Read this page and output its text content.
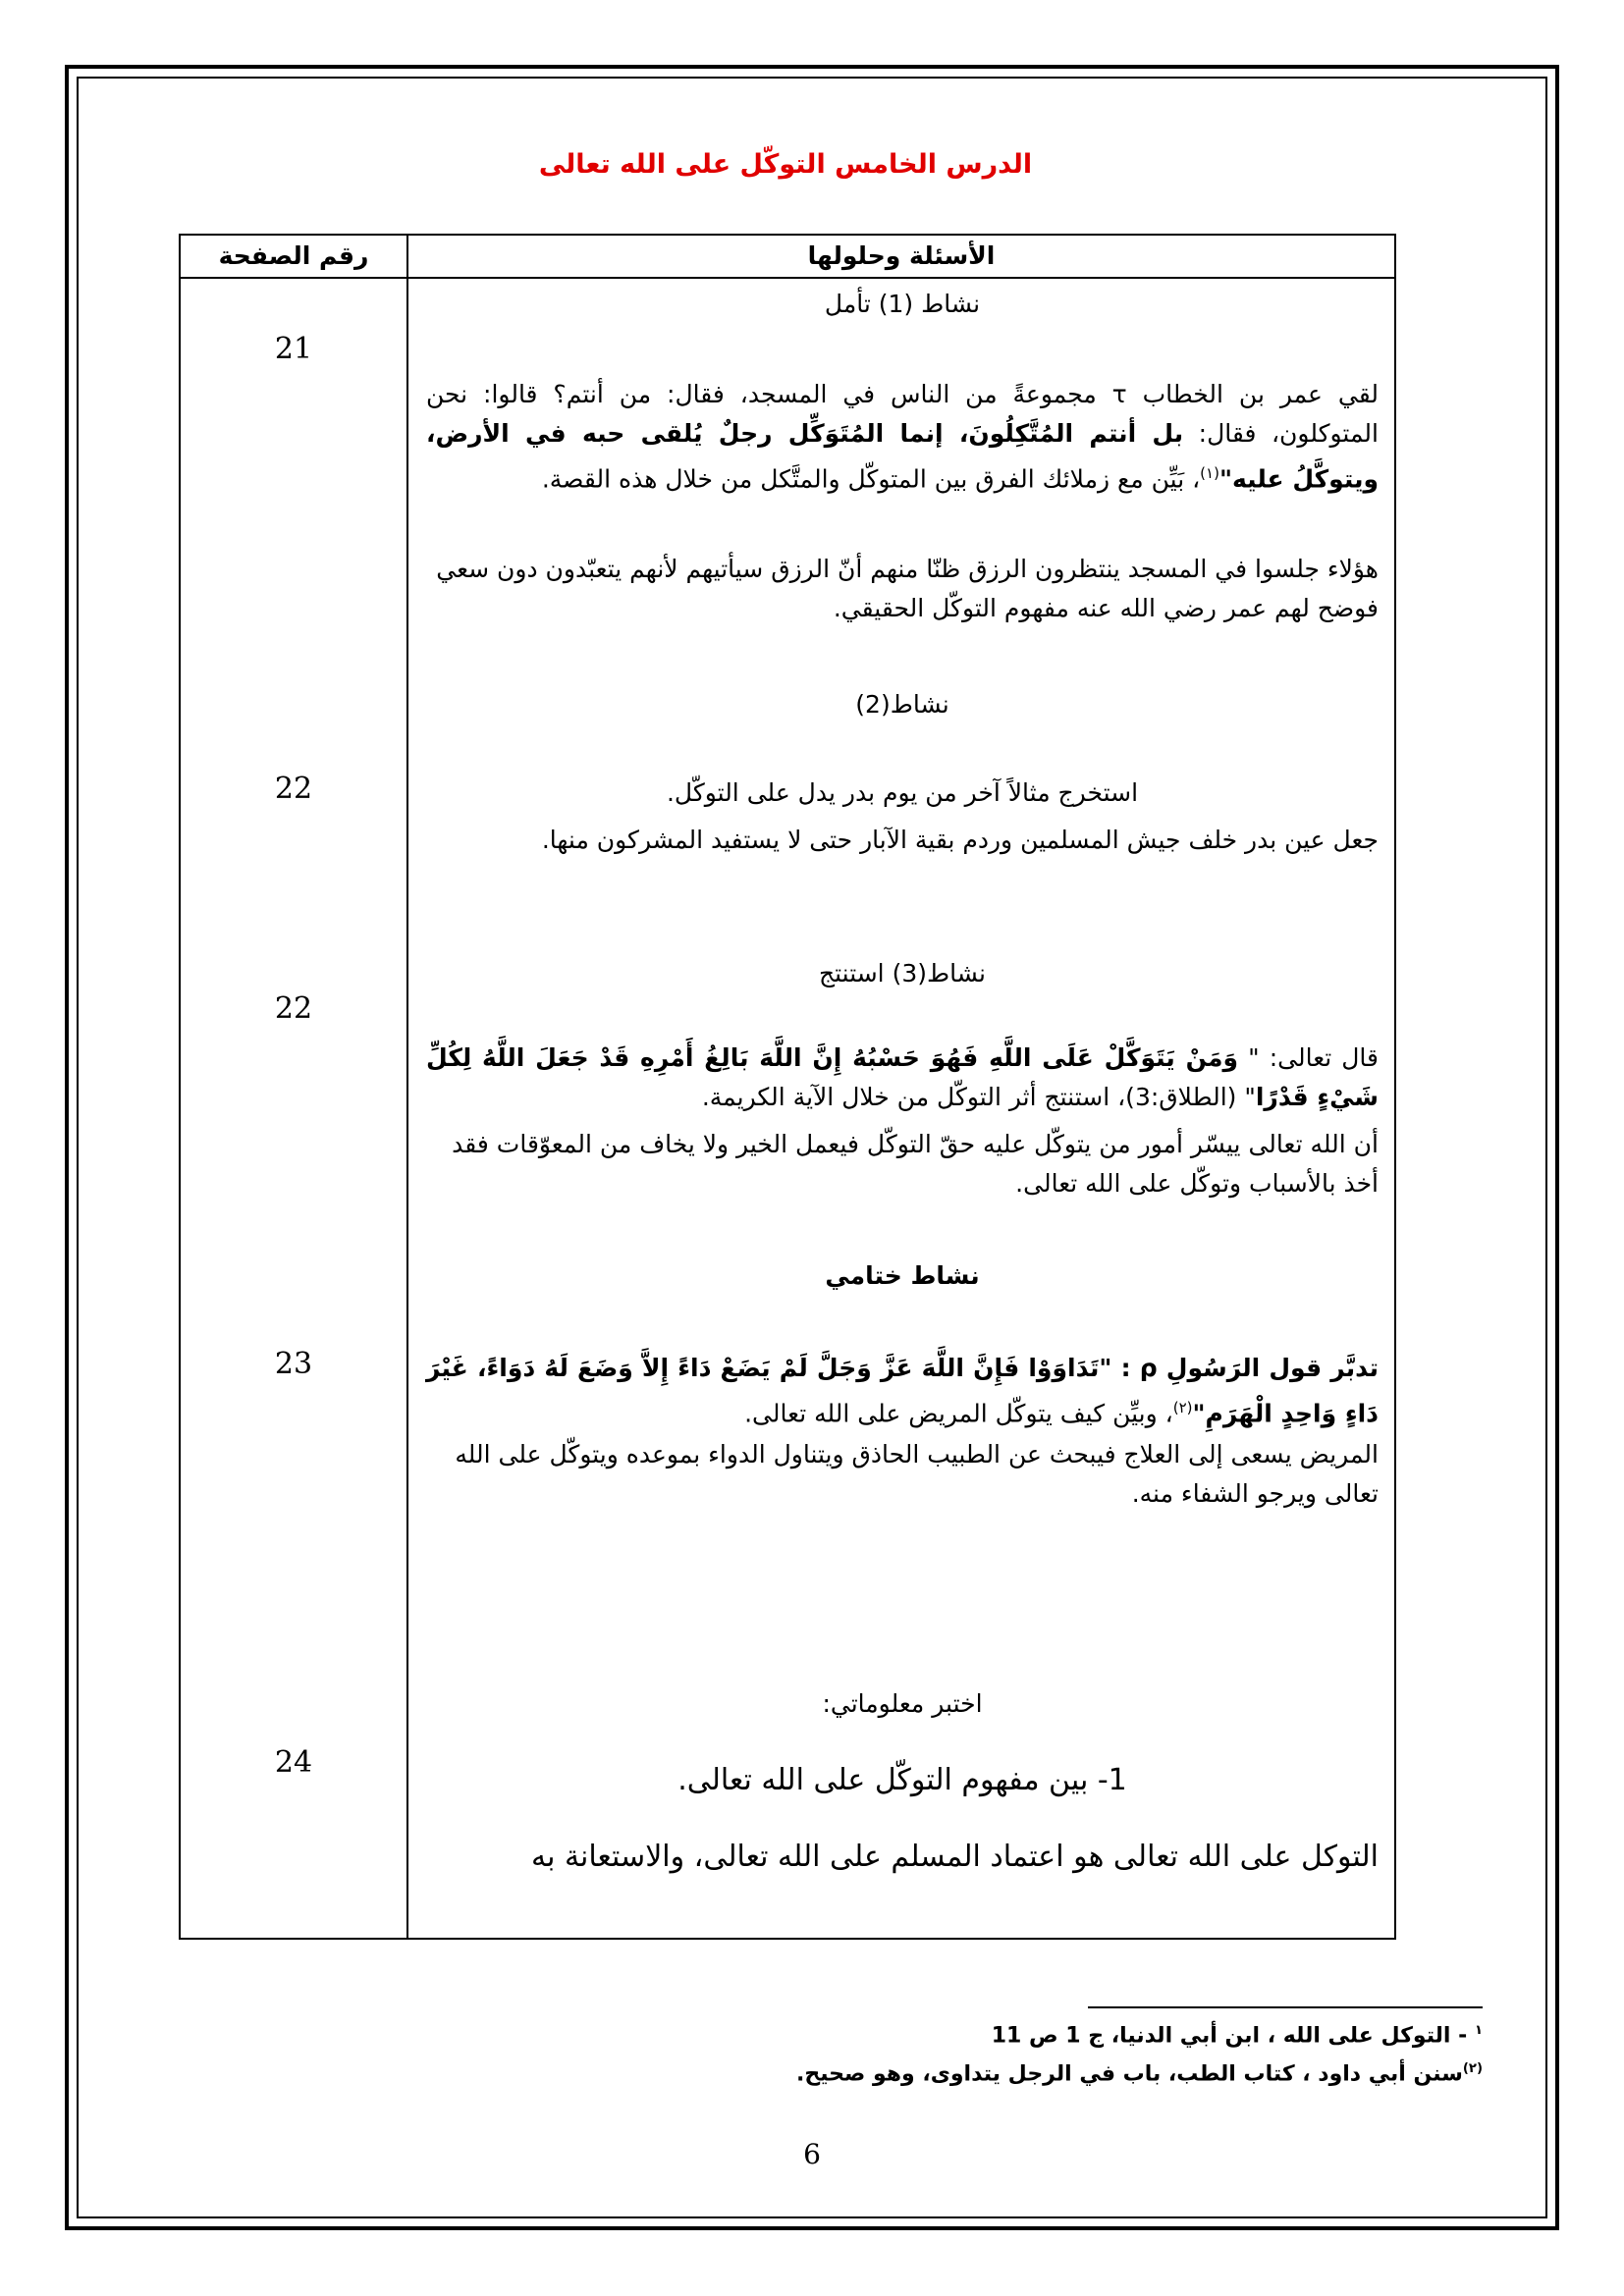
الدرس الخامس التوكّل على الله تعالى
رقم الصفحة	الأسئلة وحلولها
21
22
22
23
24
نشاط (1) تأمل
لقي عمر بن الخطاب τ مجموعةً من الناس في المسجد، فقال: من أنتم؟ قالوا: نحن المتوكلون، فقال: بل أنتم المُتَّكِلُونَ، إنما المُتَوَكِّل رجلٌ يُلقى حبه في الأرض، ويتوكَّلُ عليه"$^{(١)}$، بَيِّن مع زملائك الفرق بين المتوكّل والمتَّكل من خلال هذه القصة.
هؤلاء جلسوا في المسجد ينتظرون الرزق ظنّا منهم أنّ الرزق سيأتيهم لأنهم يتعبّدون دون سعي فوضح لهم عمر رضي الله عنه مفهوم التوكّل الحقيقي.
نشاط(2)
استخرج مثالاً آخر من يوم بدر يدل على التوكّل.
جعل عين بدر خلف جيش المسلمين وردم بقية الآبار حتى لا يستفيد المشركون منها.
نشاط(3) استنتج
قال تعالى: " وَمَنْ يَتَوَكَّلْ عَلَى اللَّهِ فَهُوَ حَسْبُهُ إِنَّ اللَّهَ بَالِغُ أَمْرِهِ قَدْ جَعَلَ اللَّهُ لِكُلِّ شَيْءٍ قَدْرًا" (الطلاق:3)، استنتج أثر التوكّل من خلال الآية الكريمة.
أن الله تعالى ييسّر أمور من يتوكّل عليه حقّ التوكّل فيعمل الخير ولا يخاف من المعوّقات فقد أخذ بالأسباب وتوكّل على الله تعالى.
نشاط ختامي
تدبَّر قول الرَسُولِ ρ : "تَدَاوَوْا فَإِنَّ اللَّهَ عَزَّ وَجَلَّ لَمْ يَضَعْ دَاءً إِلاَّ وَضَعَ لَهُ دَوَاءً، غَيْرَ دَاءٍ وَاحِدٍ الْهَرَمِ"$^{(٢)}$، وبيِّن كيف يتوكّل المريض على الله تعالى.
المريض يسعى إلى العلاج فيبحث عن الطبيب الحاذق ويتناول الدواء بموعده ويتوكّل على الله تعالى ويرجو الشفاء منه.
اختبر معلوماتي:
1- بين مفهوم التوكّل على الله تعالى.
التوكل على الله تعالى هو اعتماد المسلم على الله تعالى، والاستعانة به
$^١$ - التوكل على الله ، ابن أبي الدنيا، ج 1 ص 11
$^{(٢)}$سنن أبي داود ، كتاب الطب، باب في الرجل يتداوى، وهو صحيح.
6
